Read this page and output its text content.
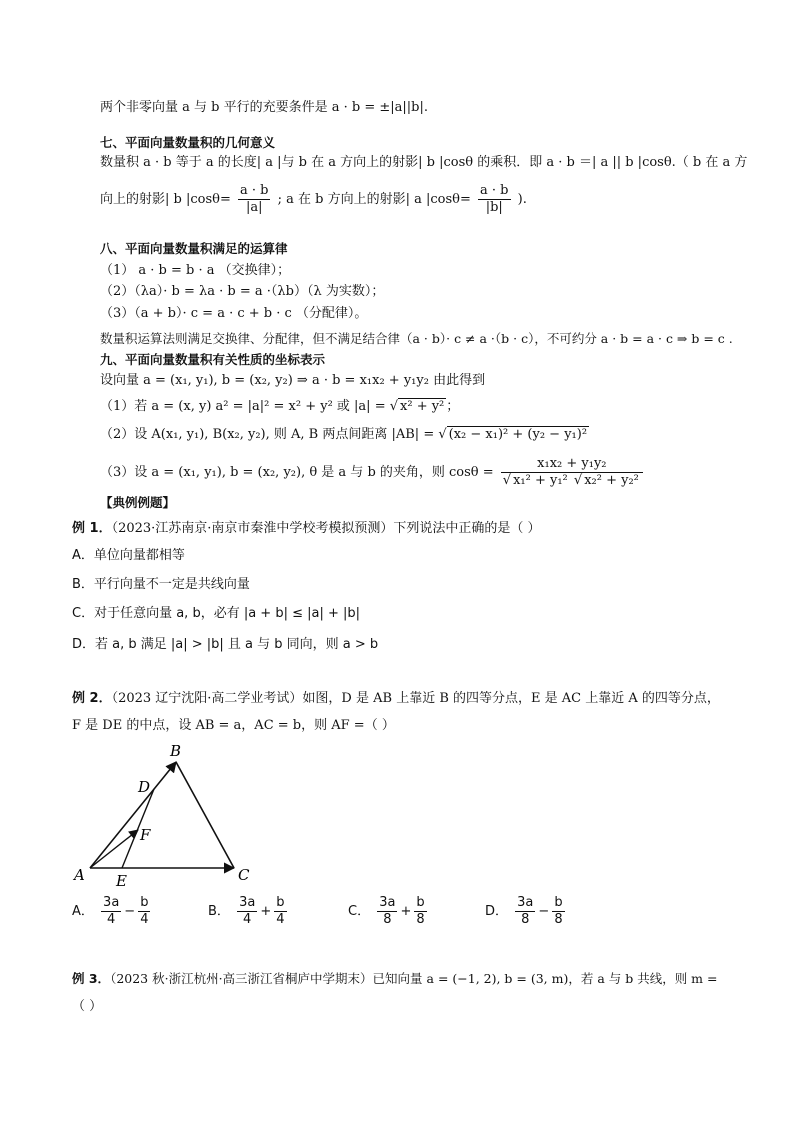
两个非零向量 a 与 b 平行的充要条件是 a · b = ±|a||b|.
七、平面向量数量积的几何意义
数量积 a · b 等于 a 的长度| a |与 b 在 a 方向上的射影| b |cosθ 的乘积．即 a · b ＝| a || b |cosθ.（ b 在 a 方
向上的射影| b $|\cos\theta= \frac{a \cdot b}{|a|}$ ; a 在 b 方向上的射影| a $|\cos\theta= \frac{a \cdot b}{|b|}$ ).
八、平面向量数量积满足的运算律
（1） a · b = b · a （交换律）；
（2）（λa）· b = λa · b = a ·（λb）（λ 为实数）；
（3）（a + b）· c = a · c + b · c （分配律）。
数量积运算法则满足交换律、分配律，但不满足结合律（a · b）· c ≠ a ·（b · c），不可约分 a · b = a · c ⇒ b = c .
九、平面向量数量积有关性质的坐标表示
设向量 a = (x₁, y₁), b = (x₂, y₂) ⇒ a · b = x₁x₂ + y₁y₂ 由此得到
（1）若 a = (x, y) a² = |a|² = x² + y² 或 |a| = √ x² + y² ；
（2）设 A(x₁, y₁), B(x₂, y₂), 则 A, B 两点间距离 |AB| = √ (x₂ − x₁)² + (y₂ − y₁)²
（3）设 a = (x₁, y₁), b = (x₂, y₂), θ 是 a 与 b 的夹角，则 $\cos\theta = \frac{\text{x₁x₂ + y₁y₂}}{\text{√ x₁² + y₁² √ x₂² + y₂²}}$
【典例例题】
例 1．（2023·江苏南京·南京市秦淮中学校考模拟预测）下列说法中正确的是（ ）
A．单位向量都相等
B．平行向量不一定是共线向量
C．对于任意向量 a, b，必有 |a + b| ≤ |a| + |b|
D．若 a, b 满足 |a| > |b| 且 a 与 b 同向，则 a > b
例 2．（2023 辽宁沈阳·高二学业考试）如图，D 是 AB 上靠近 B 的四等分点，E 是 AC 上靠近 A 的四等分点，
F 是 DE 的中点，设 AB = a，AC = b，则 AF =（ ）
A
B
C
D
E
F
A． $\frac{3a}{4} - \frac{b}{4}$	B． $\frac{3a}{4} + \frac{b}{4}$	C． $\frac{3a}{8} + \frac{b}{8}$	D． $\frac{3a}{8} - \frac{b}{8}$
例 3．（2023 秋·浙江杭州·高三浙江省桐庐中学期末）已知向量 a = (−1, 2), b = (3, m)，若 a 与 b 共线，则 m =
（ ）
